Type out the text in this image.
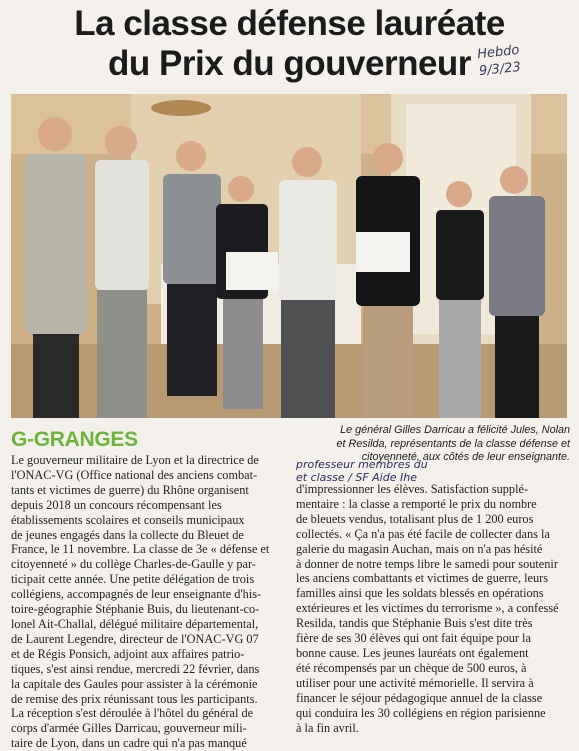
La classe défense lauréate
du Prix du gouverneur Hebdo
9/3/23
G-GRANGES	Le général Gilles Darricau a félicité Jules, Nolan
et Resilda, représentants de la classe défense et
citoyenneté, aux côtés de leur enseignante.
professeur membres du
et classe / SF Aide Ihe
Le gouverneur militaire de Lyon et la directrice de
l'ONAC-VG (Office national des anciens combat-
tants et victimes de guerre) du Rhône organisent
depuis 2018 un concours récompensant les
établissements scolaires et conseils municipaux
de jeunes engagés dans la collecte du Bleuet de
France, le 11 novembre. La classe de 3e « défense et
citoyenneté » du collège Charles-de-Gaulle y par-
ticipait cette année. Une petite délégation de trois
collégiens, accompagnés de leur enseignante d'his-
toire-géographie Stéphanie Buis, du lieutenant-co-
lonel Ait-Challal, délégué militaire départemental,
de Laurent Legendre, directeur de l'ONAC-VG 07
et de Régis Ponsich, adjoint aux affaires patrio-
tiques, s'est ainsi rendue, mercredi 22 février, dans
la capitale des Gaules pour assister à la cérémonie
de remise des prix réunissant tous les participants.
La réception s'est déroulée à l'hôtel du général de
corps d'armée Gilles Darricau, gouverneur mili-
taire de Lyon, dans un cadre qui n'a pas manqué
d'impressionner les élèves. Satisfaction supplé-
mentaire : la classe a remporté le prix du nombre
de bleuets vendus, totalisant plus de 1 200 euros
collectés. « Ça n'a pas été facile de collecter dans la
galerie du magasin Auchan, mais on n'a pas hésité
à donner de notre temps libre le samedi pour soutenir
les anciens combattants et victimes de guerre, leurs
familles ainsi que les soldats blessés en opérations
extérieures et les victimes du terrorisme », a confessé
Resilda, tandis que Stéphanie Buis s'est dite très
fière de ses 30 élèves qui ont fait équipe pour la
bonne cause. Les jeunes lauréats ont également
été récompensés par un chèque de 500 euros, à
utiliser pour une activité mémorielle. Il servira à
financer le séjour pédagogique annuel de la classe
qui conduira les 30 collégiens en région parisienne
à la fin avril.
